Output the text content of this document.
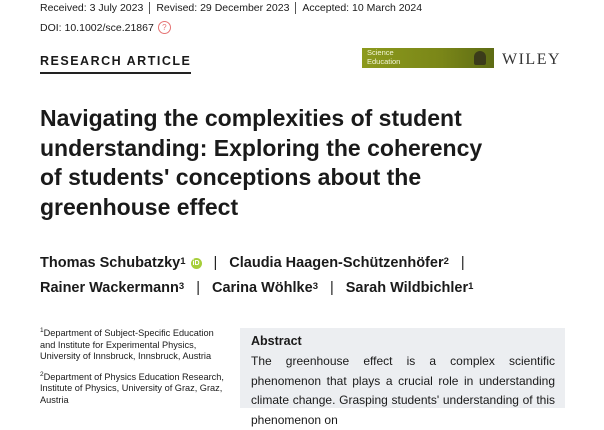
Received: 3 July 2023	Revised: 29 December 2023	Accepted: 10 March 2024
DOI: 10.1002/sce.21867	?
RESEARCH ARTICLE
Science
Education	WILEY
Navigating the complexities of student understanding: Exploring the coherency of students' conceptions about the greenhouse effect
Thomas Schubatzky$^1$ iD | Claudia Haagen-Schützenhöfer$^2$ |
Rainer Wackermann$^3$ | Carina Wöhlke$^3$ | Sarah Wildbichler$^1$

$^1$Department of Subject-Specific Education and Institute for Experimental Physics, University of Innsbruck, Innsbruck, Austria

$^2$Department of Physics Education Research, Institute of Physics, University of Graz, Graz, Austria

Abstract

The greenhouse effect is a complex scientific phenomenon that plays a crucial role in understanding climate change. Grasping students' understanding of this phenomenon on
